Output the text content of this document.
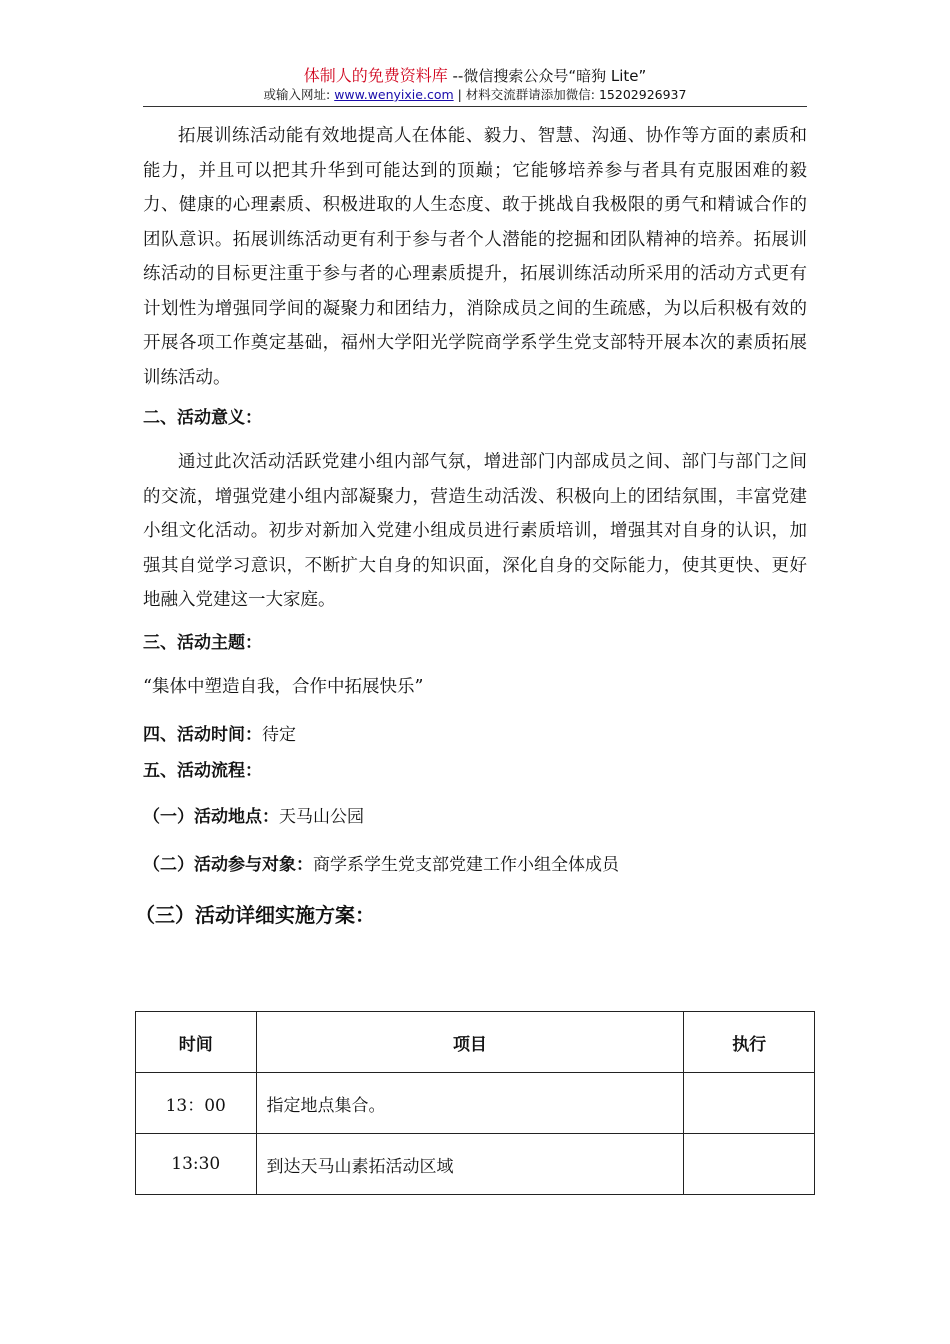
体制人的免费资料库 --微信搜索公众号“暗狗 Lite”
或输入网址: www.wenyixie.com | 材料交流群请添加微信: 15202926937

拓展训练活动能有效地提高人在体能、毅力、智慧、沟通、协作等方面的素质和能力，并且可以把其升华到可能达到的顶巅；它能够培养参与者具有克服困难的毅力、健康的心理素质、积极进取的人生态度、敢于挑战自我极限的勇气和精诚合作的团队意识。拓展训练活动更有利于参与者个人潜能的挖掘和团队精神的培养。拓展训练活动的目标更注重于参与者的心理素质提升，拓展训练活动所采用的活动方式更有计划性为增强同学间的凝聚力和团结力，消除成员之间的生疏感，为以后积极有效的开展各项工作奠定基础，福州大学阳光学院商学系学生党支部特开展本次的素质拓展训练活动。

二、活动意义：

通过此次活动活跃党建小组内部气氛，增进部门内部成员之间、部门与部门之间的交流，增强党建小组内部凝聚力，营造生动活泼、积极向上的团结氛围，丰富党建小组文化活动。初步对新加入党建小组成员进行素质培训，增强其对自身的认识，加强其自觉学习意识，不断扩大自身的知识面，深化自身的交际能力，使其更快、更好地融入党建这一大家庭。

三、活动主题：
“集体中塑造自我，合作中拓展快乐”
四、活动时间：待定
五、活动流程：
（一）活动地点：天马山公园
（二）活动参与对象：商学系学生党支部党建工作小组全体成员
（三）活动详细实施方案：
时间	项目	执行
13：00	指定地点集合。	
13:30	到达天马山素拓活动区域	
